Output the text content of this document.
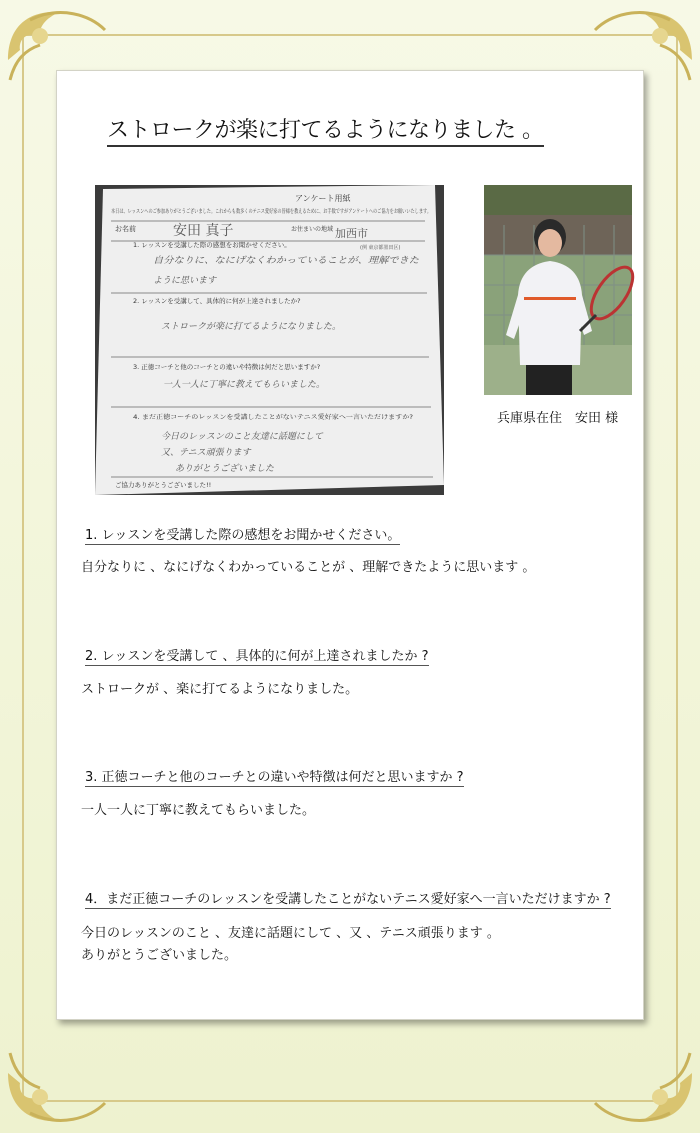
ストロークが楽に打てるようになりました 。
アンケート用紙
本日は、レッスンへのご参加ありがとうございました。これからも数多くのテニス愛好家の皆様を教えるために、お手数ですがアンケートへのご協力をお願いいたします。
お名前	安田 真子	お住まいの地域 加西市
(例 東京都墨田区)
1. レッスンを受講した際の感想をお聞かせください。
自分なりに、なにげなくわかっていることが、理解できた
ように思います
2. レッスンを受講して、具体的に何が上達されましたか?
ストロークが楽に打てるようになりました。
3. 正徳コーチと他のコーチとの違いや特徴は何だと思いますか?
一人一人に丁寧に教えてもらいました。
4. まだ正徳コーチのレッスンを受講したことがないテニス愛好家へ一言いただけますか?
今日のレッスンのこと友達に話題にして
又、テニス頑張ります
ありがとうございました
ご協力ありがとうございました!!
兵庫県在住　安田 様
1. レッスンを受講した際の感想をお聞かせください。
自分なりに 、なにげなくわかっていることが 、理解できたように思います 。
2. レッスンを受講して 、具体的に何が上達されましたか ?
ストロークが 、楽に打てるようになりました。
3. 正徳コーチと他のコーチとの違いや特徴は何だと思いますか ?
一人一人に丁寧に教えてもらいました。
4．まだ正徳コーチのレッスンを受講したことがないテニス愛好家へ一言いただけますか ?
今日のレッスンのこと 、友達に話題にして 、又 、テニス頑張ります 。
ありがとうございました。
